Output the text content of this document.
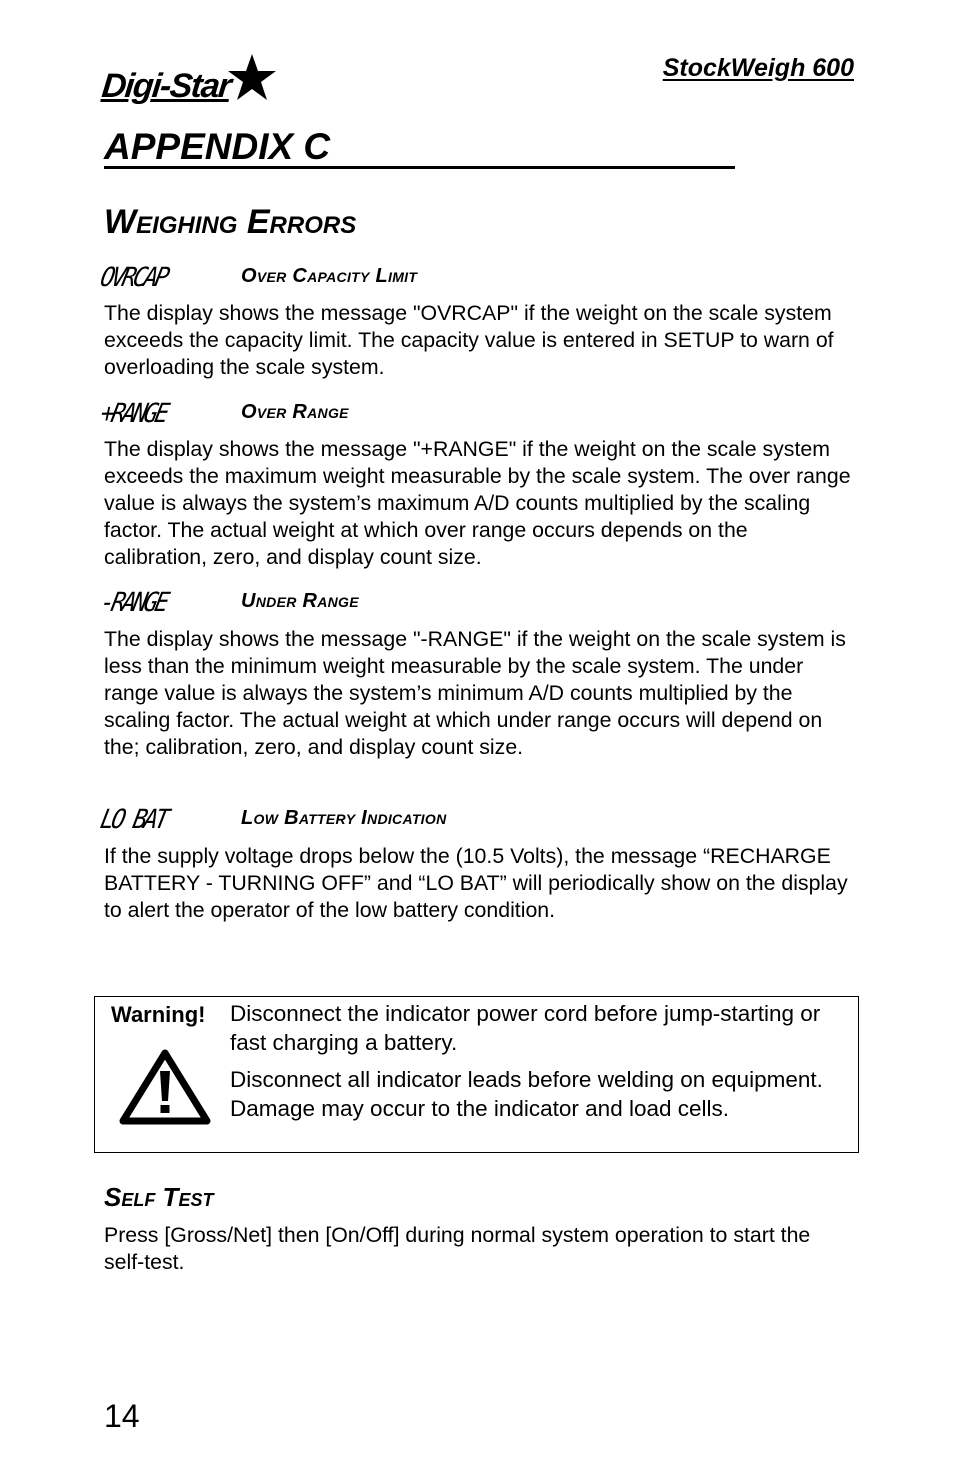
Digi-Star	StockWeigh 600
APPENDIX C
Weighing Errors
OVRCAP	Over Capacity Limit
The display shows the message "OVRCAP" if the weight on the scale system exceeds the capacity limit. The capacity value is entered in SETUP to warn of overloading the scale system.
+RANGE	Over Range
The display shows the message "+RANGE" if the weight on the scale system exceeds the maximum weight measurable by the scale system. The over range value is always the system’s maximum A/D counts multiplied by the scaling factor. The actual weight at which over range occurs depends on the calibration, zero, and display count size.
-RANGE	Under Range
The display shows the message "-RANGE" if the weight on the scale system is less than the minimum weight measurable by the scale system. The under range value is always the system’s minimum A/D counts multiplied by the scaling factor. The actual weight at which under range occurs will depend on the; calibration, zero, and display count size.
LO BAT	Low Battery Indication
If the supply voltage drops below the (10.5 Volts), the message “RECHARGE BATTERY - TURNING OFF” and “LO BAT” will periodically show on the display to alert the operator of the low battery condition.
Warning! Disconnect the indicator power cord before jump-starting or fast charging a battery.
Disconnect all indicator leads before welding on equipment. Damage may occur to the indicator and load cells.
Self Test
Press [Gross/Net] then [On/Off] during normal system operation to start the self-test.
14
